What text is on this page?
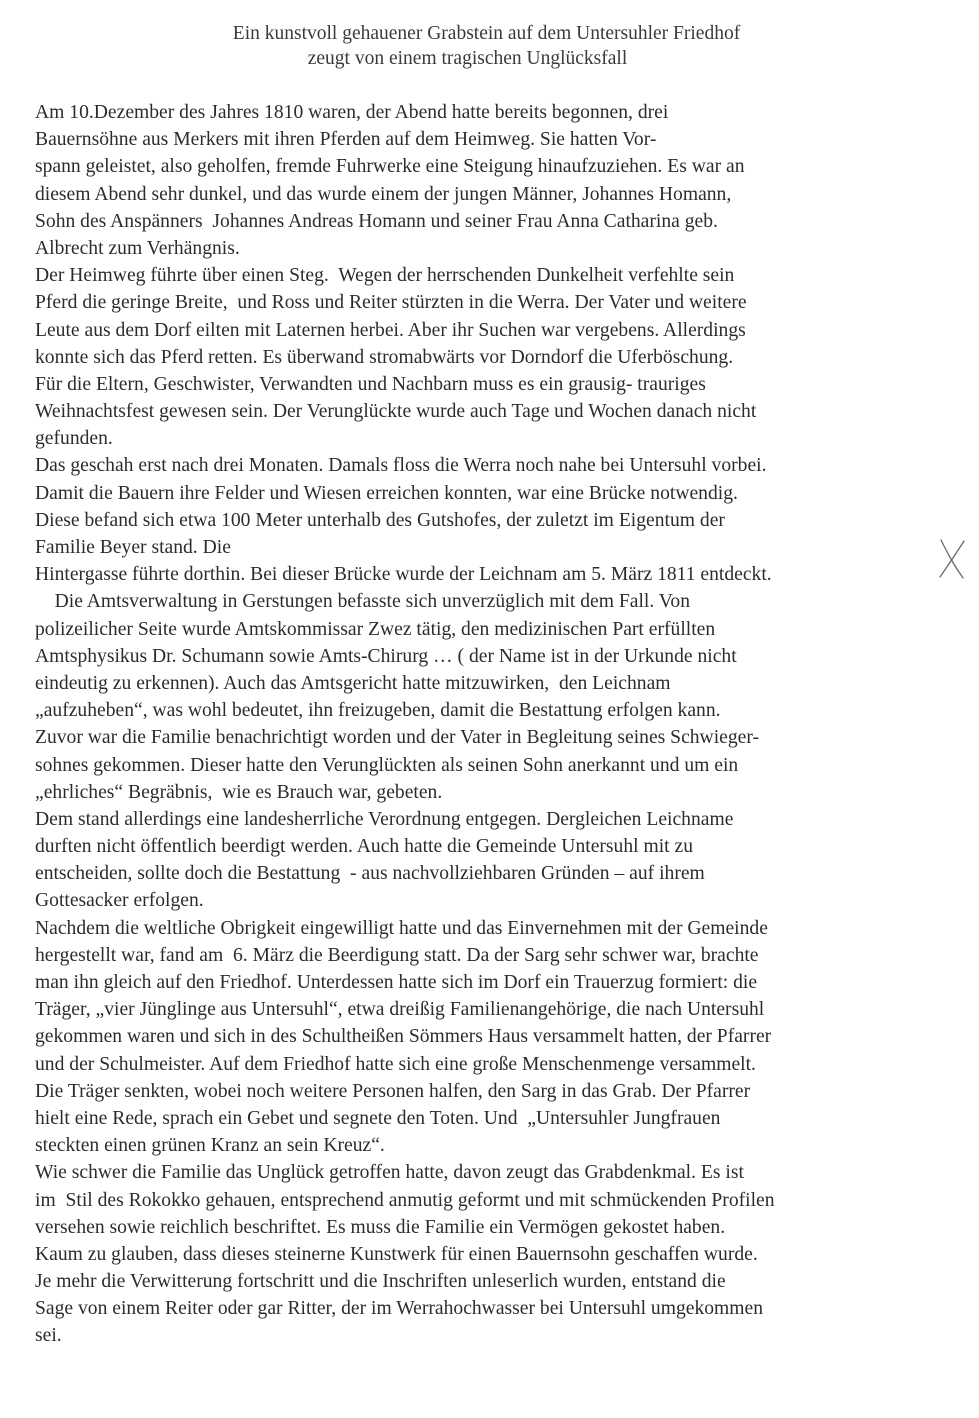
Ein kunstvoll gehauener Grabstein auf dem Untersuhler Friedhof
zeugt von einem tragischen Unglücksfall
Am 10.Dezember des Jahres 1810 waren, der Abend hatte bereits begonnen, drei
Bauernsöhne aus Merkers mit ihren Pferden auf dem Heimweg. Sie hatten Vor-
spann geleistet, also geholfen, fremde Fuhrwerke eine Steigung hinaufzuziehen. Es war an
diesem Abend sehr dunkel, und das wurde einem der jungen Männer, Johannes Homann,
Sohn des Anspänners  Johannes Andreas Homann und seiner Frau Anna Catharina geb.
Albrecht zum Verhängnis.
Der Heimweg führte über einen Steg.  Wegen der herrschenden Dunkelheit verfehlte sein
Pferd die geringe Breite,  und Ross und Reiter stürzten in die Werra. Der Vater und weitere
Leute aus dem Dorf eilten mit Laternen herbei. Aber ihr Suchen war vergebens. Allerdings
konnte sich das Pferd retten. Es überwand stromabwärts vor Dorndorf die Uferböschung.
Für die Eltern, Geschwister, Verwandten und Nachbarn muss es ein grausig- trauriges
Weihnachtsfest gewesen sein. Der Verunglückte wurde auch Tage und Wochen danach nicht
gefunden.
Das geschah erst nach drei Monaten. Damals floss die Werra noch nahe bei Untersuhl vorbei.
Damit die Bauern ihre Felder und Wiesen erreichen konnten, war eine Brücke notwendig.
Diese befand sich etwa 100 Meter unterhalb des Gutshofes, der zuletzt im Eigentum der
Familie Beyer stand. Die
Hintergasse führte dorthin. Bei dieser Brücke wurde der Leichnam am 5. März 1811 entdeckt.
Die Amtsverwaltung in Gerstungen befasste sich unverzüglich mit dem Fall. Von
polizeilicher Seite wurde Amtskommissar Zwez tätig, den medizinischen Part erfüllten
Amtsphysikus Dr. Schumann sowie Amts-Chirurg … ( der Name ist in der Urkunde nicht
eindeutig zu erkennen). Auch das Amtsgericht hatte mitzuwirken,  den Leichnam
„aufzuheben“, was wohl bedeutet, ihn freizugeben, damit die Bestattung erfolgen kann.
Zuvor war die Familie benachrichtigt worden und der Vater in Begleitung seines Schwieger-
sohnes gekommen. Dieser hatte den Verunglückten als seinen Sohn anerkannt und um ein
„ehrliches“ Begräbnis,  wie es Brauch war, gebeten.
Dem stand allerdings eine landesherrliche Verordnung entgegen. Dergleichen Leichname
durften nicht öffentlich beerdigt werden. Auch hatte die Gemeinde Untersuhl mit zu
entscheiden, sollte doch die Bestattung  - aus nachvollziehbaren Gründen – auf ihrem
Gottesacker erfolgen.
Nachdem die weltliche Obrigkeit eingewilligt hatte und das Einvernehmen mit der Gemeinde
hergestellt war, fand am  6. März die Beerdigung statt. Da der Sarg sehr schwer war, brachte
man ihn gleich auf den Friedhof. Unterdessen hatte sich im Dorf ein Trauerzug formiert: die
Träger, „vier Jünglinge aus Untersuhl“, etwa dreißig Familienangehörige, die nach Untersuhl
gekommen waren und sich in des Schultheißen Sömmers Haus versammelt hatten, der Pfarrer
und der Schulmeister. Auf dem Friedhof hatte sich eine große Menschenmenge versammelt.
Die Träger senkten, wobei noch weitere Personen halfen, den Sarg in das Grab. Der Pfarrer
hielt eine Rede, sprach ein Gebet und segnete den Toten. Und  „Untersuhler Jungfrauen
steckten einen grünen Kranz an sein Kreuz“.
Wie schwer die Familie das Unglück getroffen hatte, davon zeugt das Grabdenkmal. Es ist
im  Stil des Rokokko gehauen, entsprechend anmutig geformt und mit schmückenden Profilen
versehen sowie reichlich beschriftet. Es muss die Familie ein Vermögen gekostet haben.
Kaum zu glauben, dass dieses steinerne Kunstwerk für einen Bauernsohn geschaffen wurde.
Je mehr die Verwitterung fortschritt und die Inschriften unleserlich wurden, entstand die
Sage von einem Reiter oder gar Ritter, der im Werrahochwasser bei Untersuhl umgekommen
sei.
